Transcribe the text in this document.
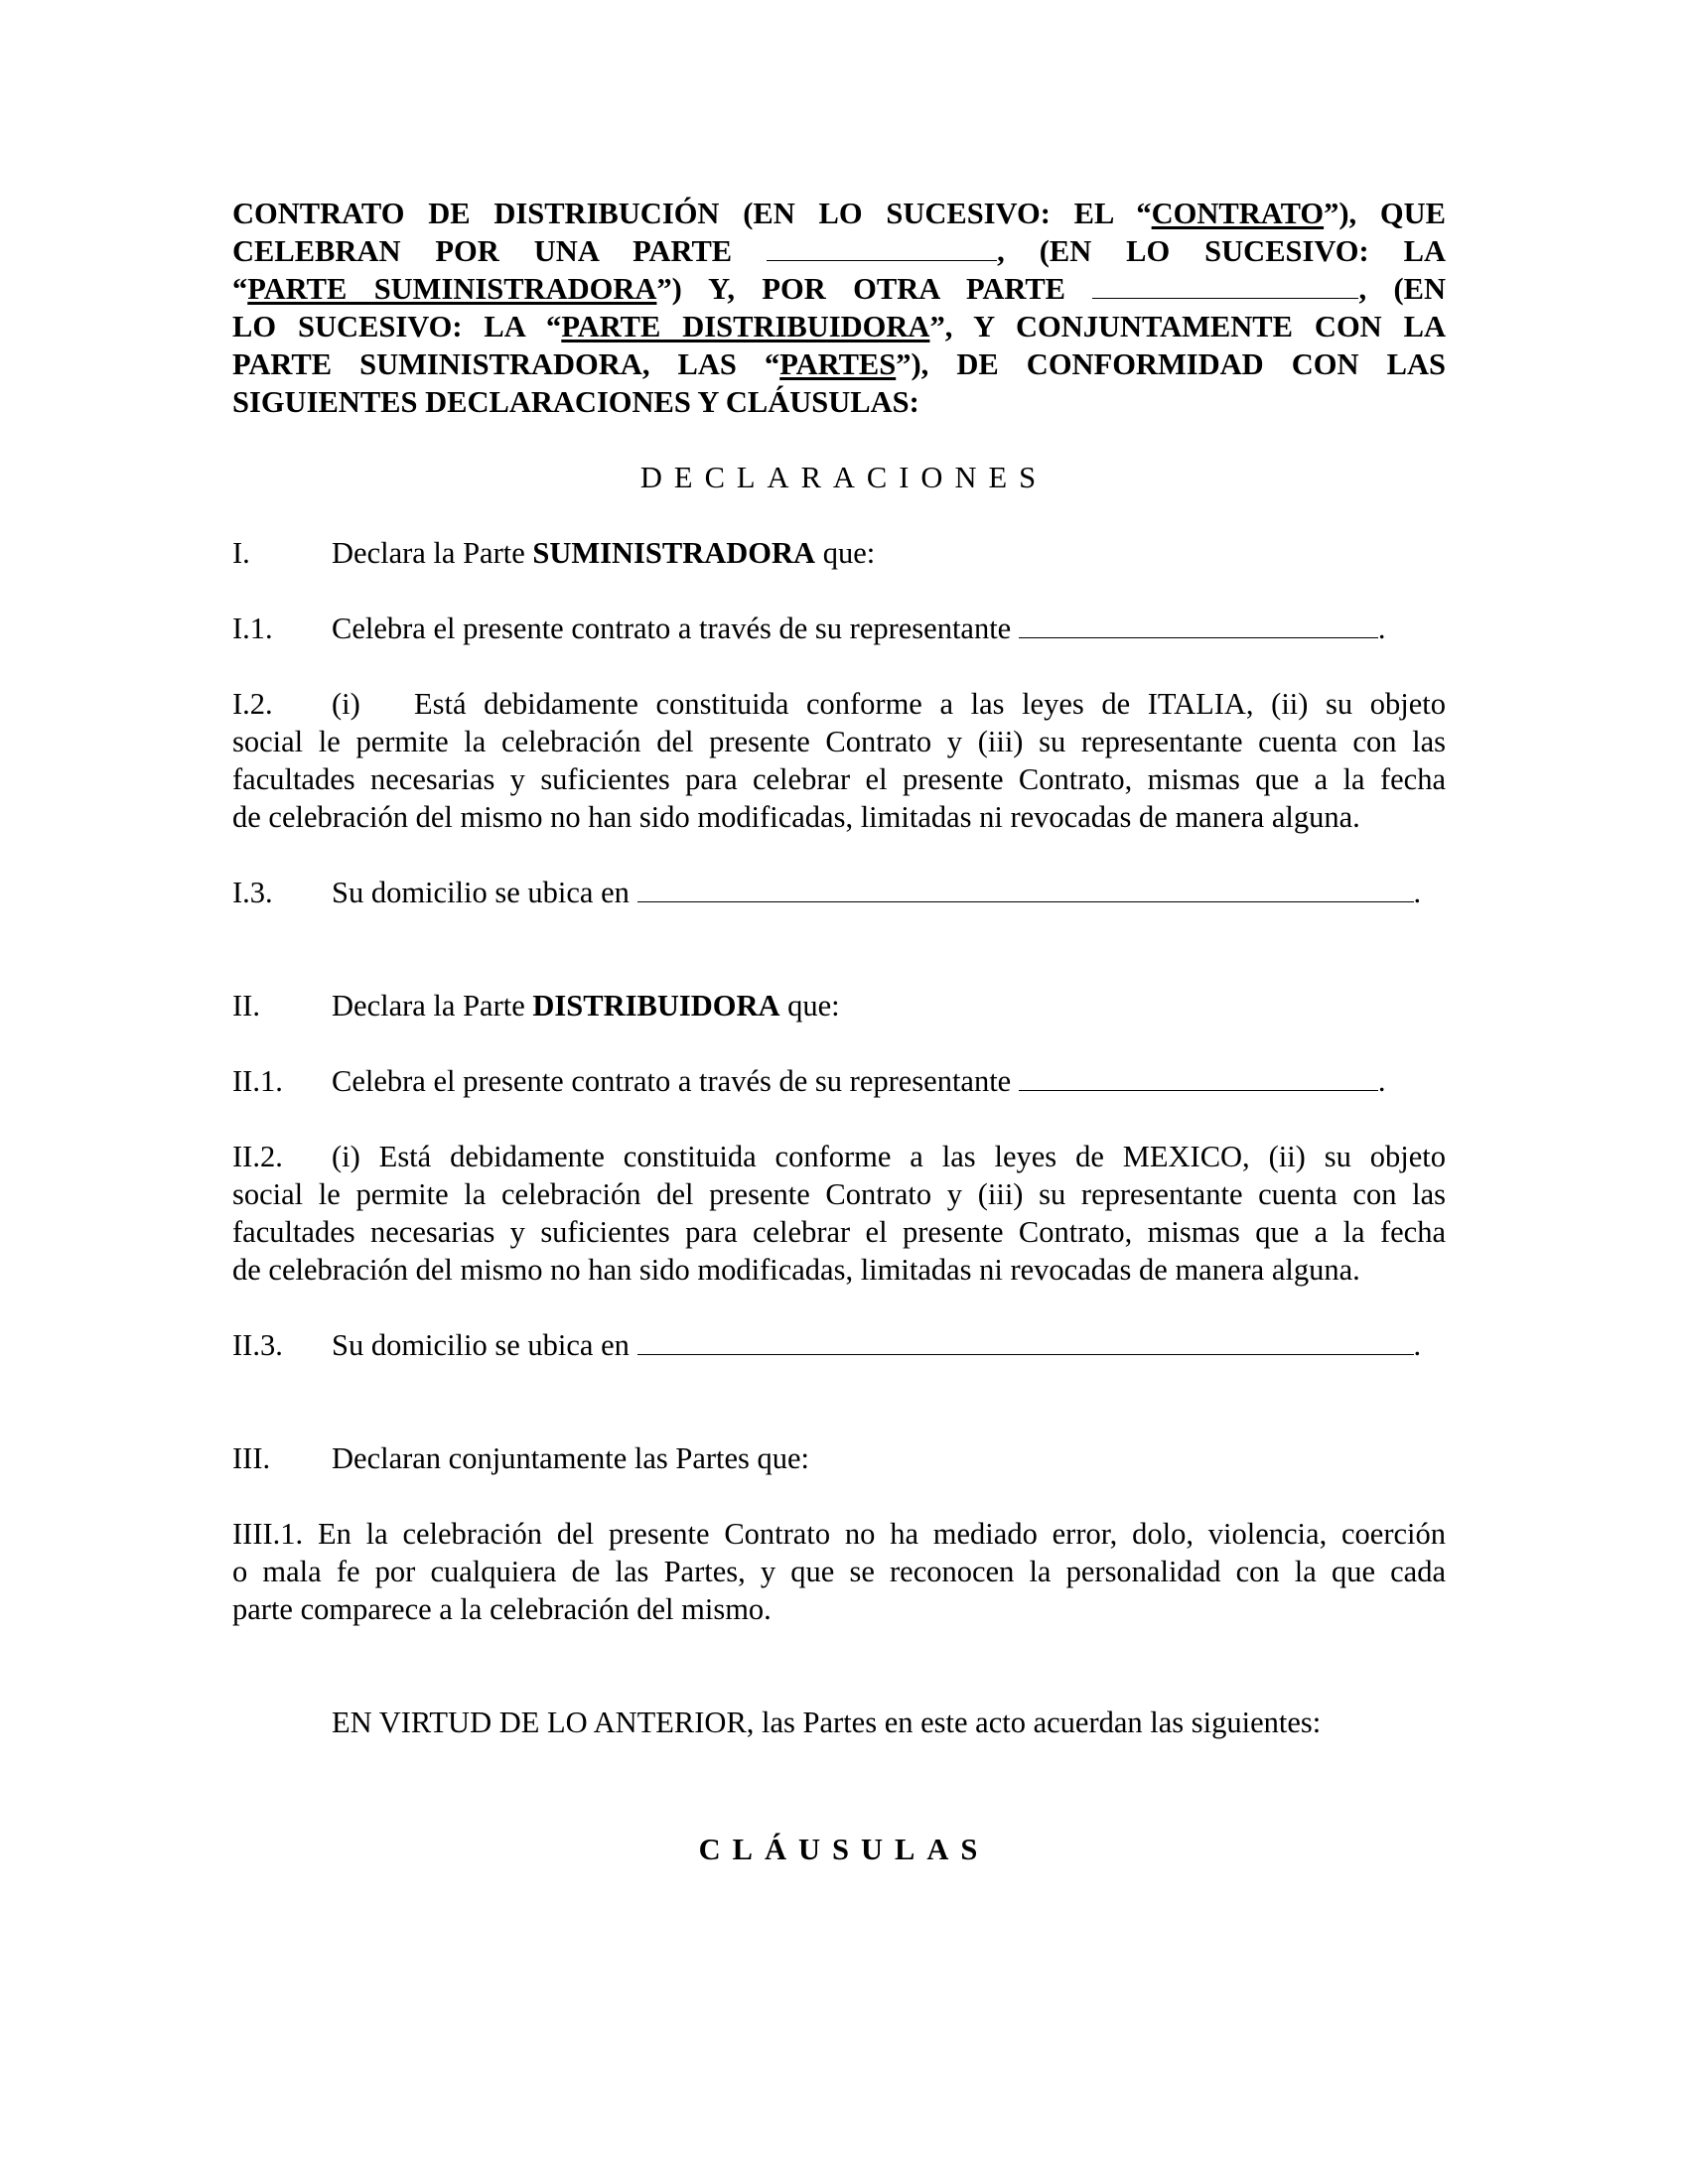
CONTRATO DE DISTRIBUCIÓN (EN LO SUCESIVO: EL “CONTRATO”), QUE
CELEBRAN POR UNA PARTE	, (EN LO SUCESIVO: LA
“PARTE SUMINISTRADORA”) Y, POR OTRA PARTE	, (EN
LO SUCESIVO: LA “PARTE DISTRIBUIDORA”, Y CONJUNTAMENTE CON LA
PARTE SUMINISTRADORA, LAS “PARTES”), DE CONFORMIDAD CON LAS
SIGUIENTES DECLARACIONES Y CLÁUSULAS:
DECLARACIONES
I.	Declara la Parte SUMINISTRADORA que:
I.1. Celebra el presente contrato a través de su representante	.
I.2. (i) Está debidamente constituida conforme a las leyes de ITALIA, (ii) su objeto
social le permite la celebración del presente Contrato y (iii) su representante cuenta con las
facultades necesarias y suficientes para celebrar el presente Contrato, mismas que a la fecha
de celebración del mismo no han sido modificadas, limitadas ni revocadas de manera alguna.
I.3. Su domicilio se ubica en	.
II. Declara la Parte DISTRIBUIDORA que:
II.1. Celebra el presente contrato a través de su representante	.
II.2. (i) Está debidamente constituida conforme a las leyes de MEXICO, (ii) su objeto
social le permite la celebración del presente Contrato y (iii) su representante cuenta con las
facultades necesarias y suficientes para celebrar el presente Contrato, mismas que a la fecha
de celebración del mismo no han sido modificadas, limitadas ni revocadas de manera alguna.
II.3. Su domicilio se ubica en	.
III. Declaran conjuntamente las Partes que:
IIII.1. En la celebración del presente Contrato no ha mediado error, dolo, violencia, coerción
o mala fe por cualquiera de las Partes, y que se reconocen la personalidad con la que cada
parte comparece a la celebración del mismo.
EN VIRTUD DE LO ANTERIOR, las Partes en este acto acuerdan las siguientes:
CLÁUSULAS
